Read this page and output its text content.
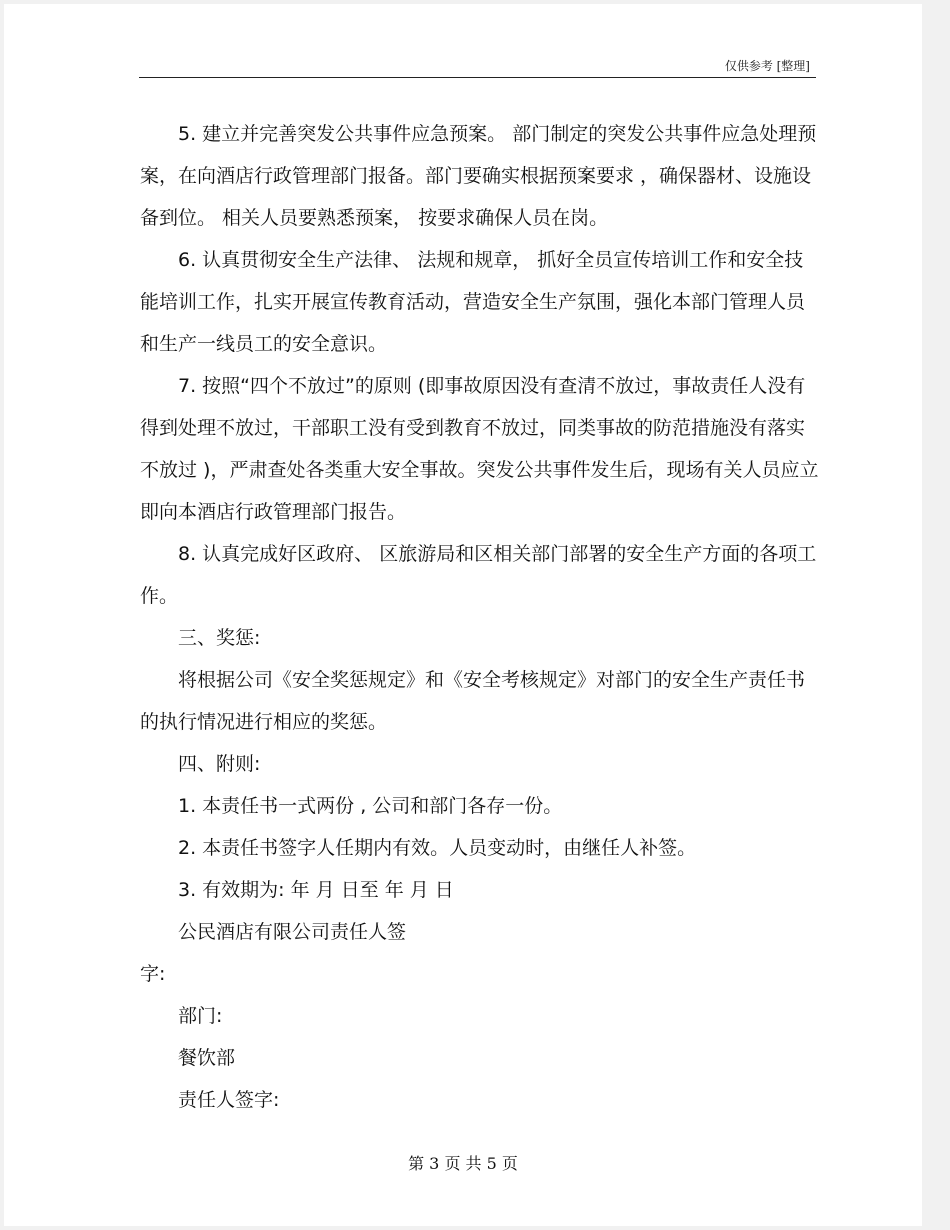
仅供参考 [整理]

5. 建立并完善突发公共事件应急预案。 部门制定的突发公共事件应急处理预案，在向酒店行政管理部门报备。部门要确实根据预案要求 ，确保器材、设施设备到位。 相关人员要熟悉预案， 按要求确保人员在岗。

6. 认真贯彻安全生产法律、 法规和规章， 抓好全员宣传培训工作和安全技能培训工作，扎实开展宣传教育活动，营造安全生产氛围，强化本部门管理人员和生产一线员工的安全意识。

7. 按照“四个不放过”的原则 (即事故原因没有查清不放过，事故责任人没有得到处理不放过，干部职工没有受到教育不放过，同类事故的防范措施没有落实不放过 )，严肃查处各类重大安全事故。突发公共事件发生后，现场有关人员应立即向本酒店行政管理部门报告。

8. 认真完成好区政府、 区旅游局和区相关部门部署的安全生产方面的各项工作。

三、奖惩:

将根据公司《安全奖惩规定》和《安全考核规定》对部门的安全生产责任书的执行情况进行相应的奖惩。

四、附则:

1. 本责任书一式两份 , 公司和部门各存一份。

2. 本责任书签字人任期内有效。人员变动时，由继任人补签。

3. 有效期为: 年 月 日至 年 月 日

公民酒店有限公司责任人签

字:

部门:

餐饮部

责任人签字:

第 3 页 共 5 页
